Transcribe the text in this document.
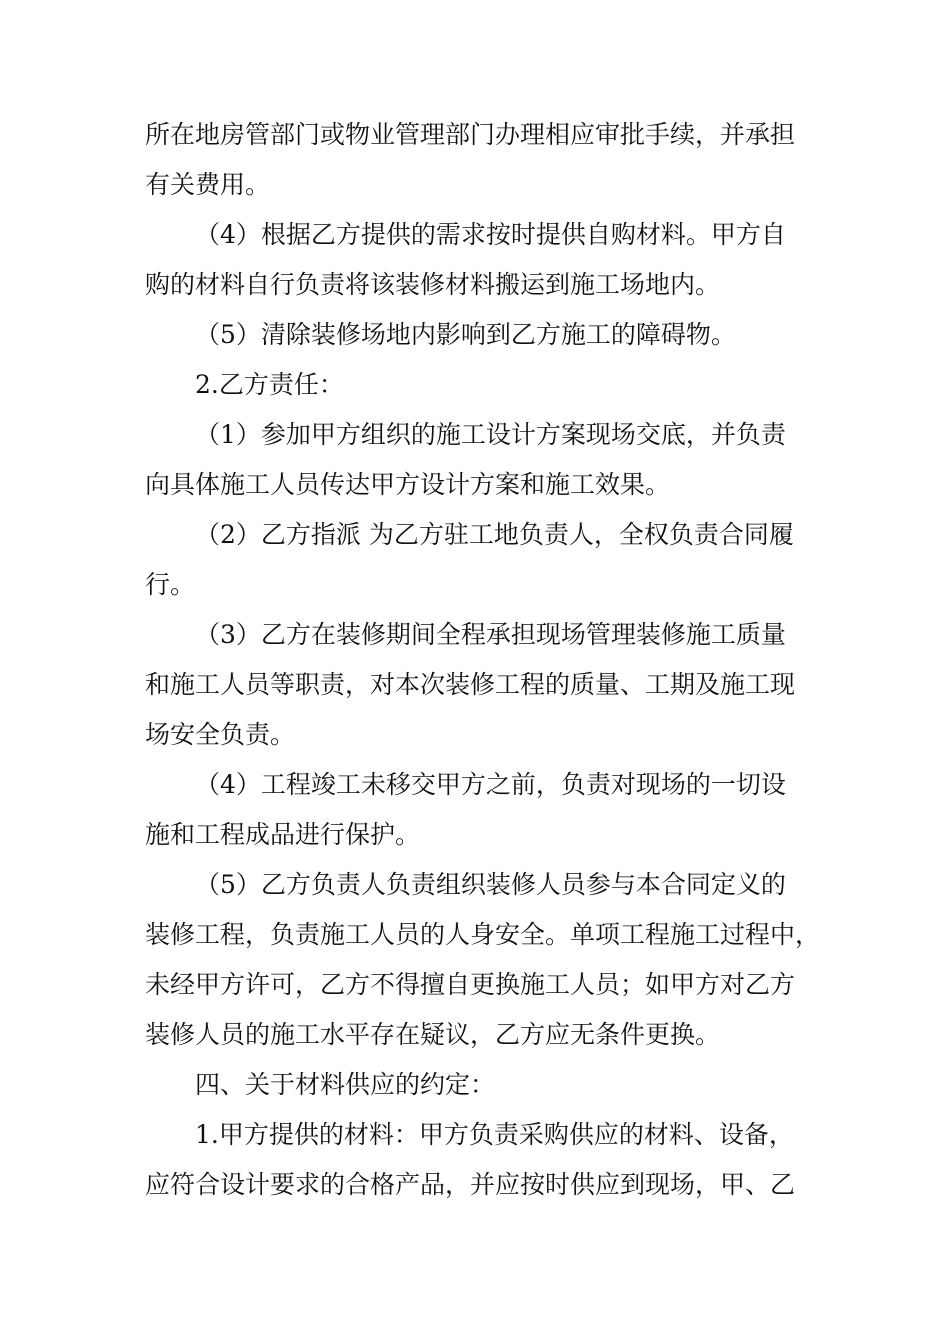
所在地房管部门或物业管理部门办理相应审批手续，并承担
有关费用。
（4）根据乙方提供的需求按时提供自购材料。甲方自
购的材料自行负责将该装修材料搬运到施工场地内。
（5）清除装修场地内影响到乙方施工的障碍物。
2.乙方责任：
（1）参加甲方组织的施工设计方案现场交底，并负责
向具体施工人员传达甲方设计方案和施工效果。
（2）乙方指派 为乙方驻工地负责人，全权负责合同履
行。
（3）乙方在装修期间全程承担现场管理装修施工质量
和施工人员等职责，对本次装修工程的质量、工期及施工现
场安全负责。
（4）工程竣工未移交甲方之前，负责对现场的一切设
施和工程成品进行保护。
（5）乙方负责人负责组织装修人员参与本合同定义的
装修工程，负责施工人员的人身安全。单项工程施工过程中，
未经甲方许可，乙方不得擅自更换施工人员；如甲方对乙方
装修人员的施工水平存在疑议，乙方应无条件更换。
四、关于材料供应的约定：
1.甲方提供的材料：甲方负责采购供应的材料、设备，
应符合设计要求的合格产品，并应按时供应到现场，甲、乙
